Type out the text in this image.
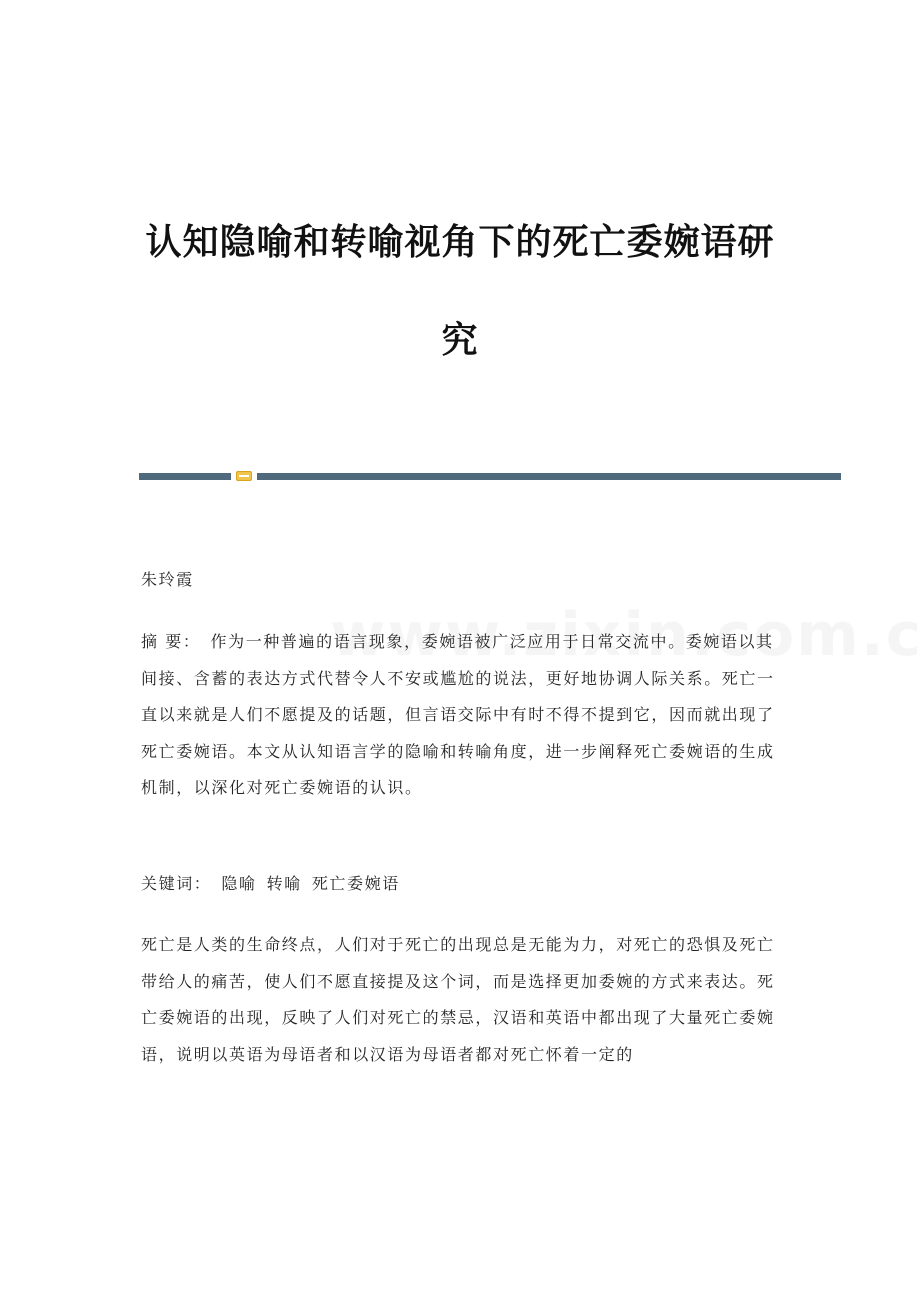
认知隐喻和转喻视角下的死亡委婉语研
究
朱玲霞
摘 要： 作为一种普遍的语言现象，委婉语被广泛应用于日常交流中。委婉语以其间接、含蓄的表达方式代替令人不安或尴尬的说法，更好地协调人际关系。死亡一直以来就是人们不愿提及的话题，但言语交际中有时不得不提到它，因而就出现了死亡委婉语。本文从认知语言学的隐喻和转喻角度，进一步阐释死亡委婉语的生成机制，以深化对死亡委婉语的认识。
关键词： 隐喻 转喻 死亡委婉语
死亡是人类的生命终点，人们对于死亡的出现总是无能为力，对死亡的恐惧及死亡带给人的痛苦，使人们不愿直接提及这个词，而是选择更加委婉的方式来表达。死亡委婉语的出现，反映了人们对死亡的禁忌，汉语和英语中都出现了大量死亡委婉语，说明以英语为母语者和以汉语为母语者都对死亡怀着一定的
